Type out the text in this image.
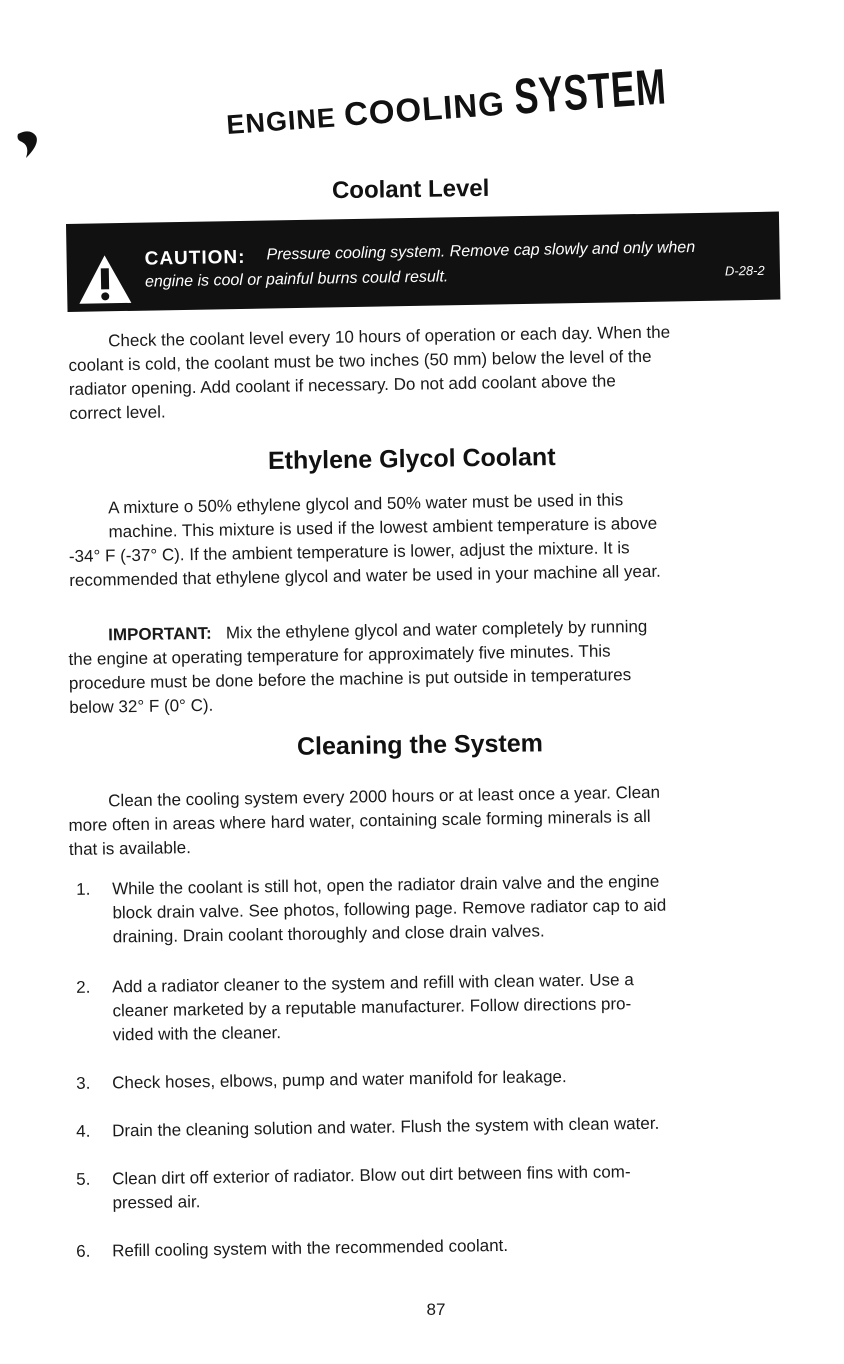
ENGINE COOLING SYSTEM
Coolant Level
CAUTION: Pressure cooling system. Remove cap slowly and only when
engine is cool or painful burns could result.	D-28-2
Check the coolant level every 10 hours of operation or each day. When the
coolant is cold, the coolant must be two inches (50 mm) below the level of the
radiator opening. Add coolant if necessary. Do not add coolant above the
correct level.
Ethylene Glycol Coolant
A mixture o 50% ethylene glycol and 50% water must be used in this
machine. This mixture is used if the lowest ambient temperature is above
-34° F (-37° C). If the ambient temperature is lower, adjust the mixture. It is
recommended that ethylene glycol and water be used in your machine all year.
IMPORTANT: Mix the ethylene glycol and water completely by running
the engine at operating temperature for approximately five minutes. This
procedure must be done before the machine is put outside in temperatures
below 32° F (0° C).
Cleaning the System
Clean the cooling system every 2000 hours or at least once a year. Clean
more often in areas where hard water, containing scale forming minerals is all
that is available.
1. While the coolant is still hot, open the radiator drain valve and the engine
block drain valve. See photos, following page. Remove radiator cap to aid
draining. Drain coolant thoroughly and close drain valves.
2. Add a radiator cleaner to the system and refill with clean water. Use a
cleaner marketed by a reputable manufacturer. Follow directions pro-
vided with the cleaner.
3. Check hoses, elbows, pump and water manifold for leakage.
4. Drain the cleaning solution and water. Flush the system with clean water.
5. Clean dirt off exterior of radiator. Blow out dirt between fins with com-
pressed air.
6. Refill cooling system with the recommended coolant.
87
